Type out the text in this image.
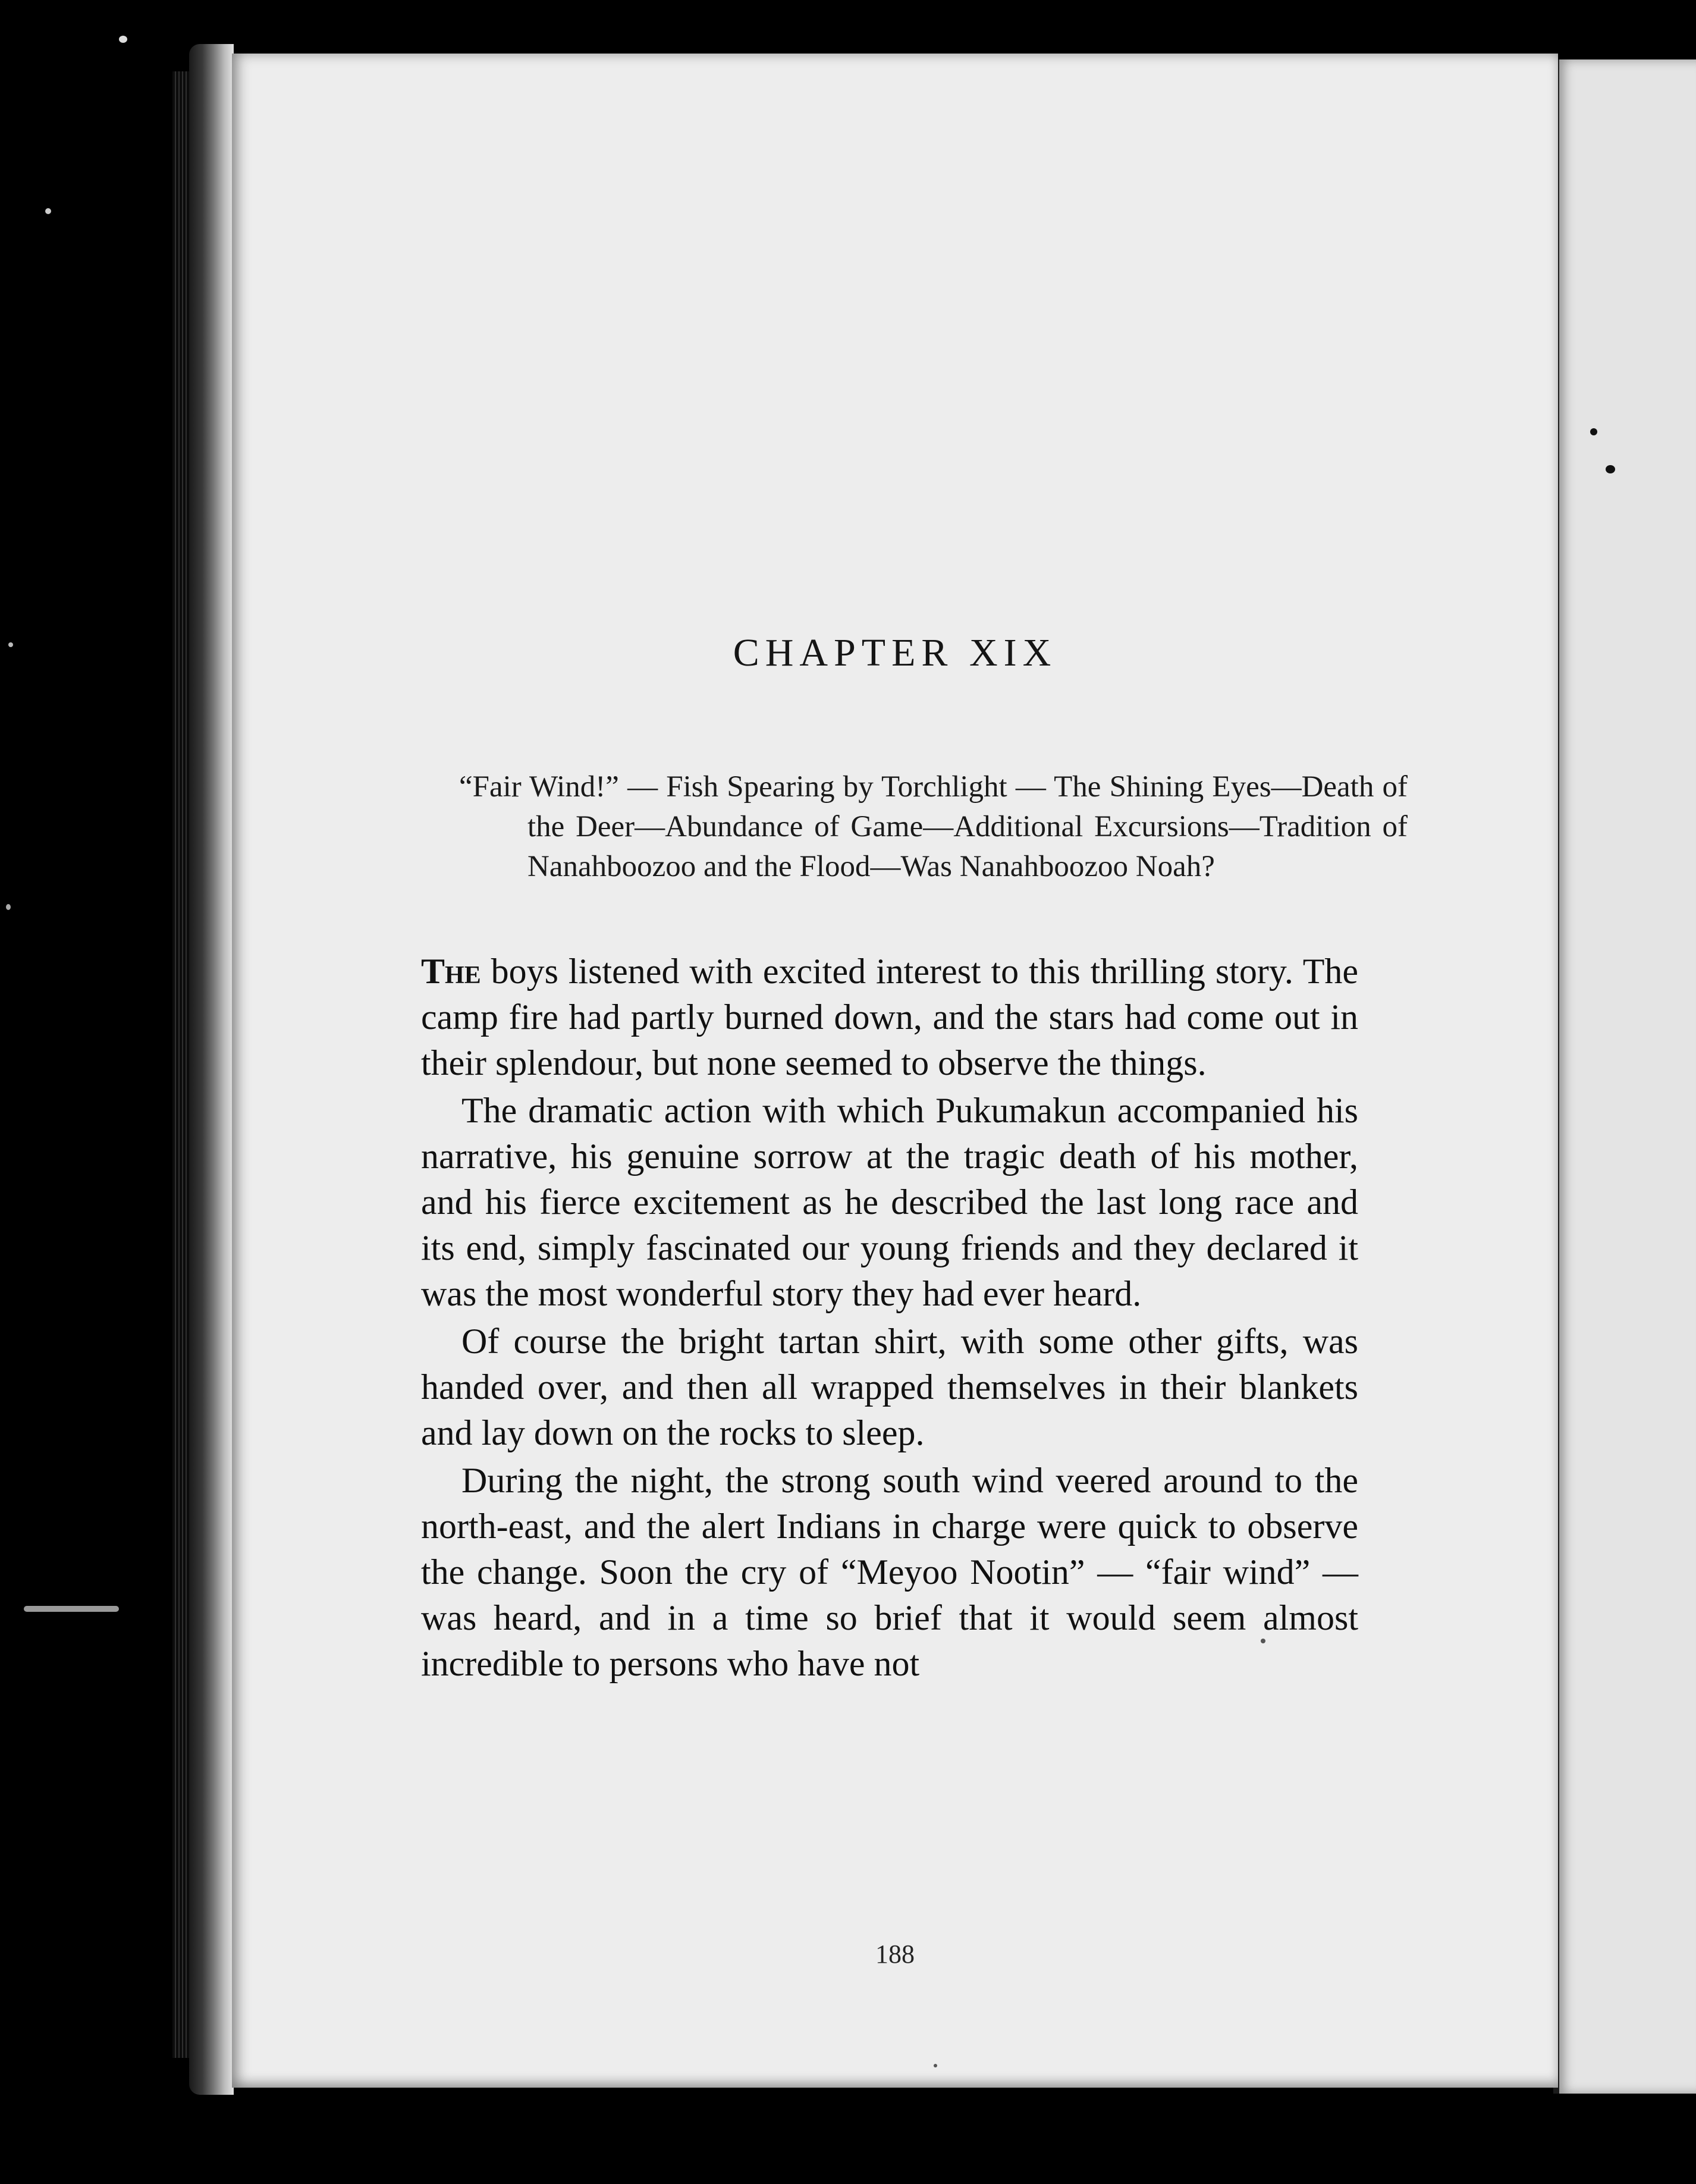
CHAPTER XIX

“Fair Wind!” — Fish Spearing by Torchlight — The Shining Eyes—Death of the Deer—Abundance of Game—Additional Excursions—Tradition of Nanahboozoo and the Flood—Was Nanahboozoo Noah?

The boys listened with excited interest to this thrilling story. The camp fire had partly burned down, and the stars had come out in their splendour, but none seemed to observe the things.

The dramatic action with which Pukumakun accompanied his narrative, his genuine sorrow at the tragic death of his mother, and his fierce excitement as he described the last long race and its end, simply fascinated our young friends and they declared it was the most wonderful story they had ever heard.

Of course the bright tartan shirt, with some other gifts, was handed over, and then all wrapped themselves in their blankets and lay down on the rocks to sleep.

During the night, the strong south wind veered around to the north-east, and the alert Indians in charge were quick to observe the change. Soon the cry of “Meyoo Nootin” — “fair wind” —was heard, and in a time so brief that it would seem almost incredible to persons who have not

188
